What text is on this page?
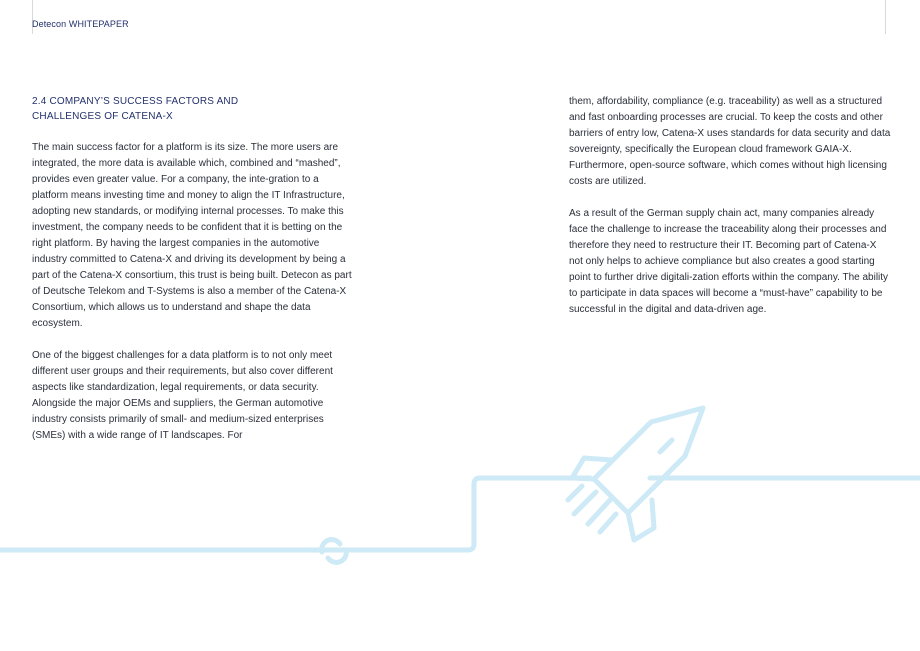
Detecon WHITEPAPER
2.4 COMPANY’S SUCCESS FACTORS AND
CHALLENGES OF CATENA-X

The main success factor for a platform is its size. The more users are integrated, the more data is available which, combined and “mashed”, provides even greater value. For a company, the inte-gration to a platform means investing time and money to align the IT Infrastructure, adopting new standards, or modifying internal processes. To make this investment, the company needs to be confident that it is betting on the right platform. By having the largest companies in the automotive industry committed to Catena-X and driving its development by being a part of the Catena-X consortium, this trust is being built. Detecon as part of Deutsche Telekom and T-Systems is also a member of the Catena-X Consortium, which allows us to understand and shape the data ecosystem.

One of the biggest challenges for a data platform is to not only meet different user groups and their requirements, but also cover different aspects like standardization, legal requirements, or data security. Alongside the major OEMs and suppliers, the German automotive industry consists primarily of small- and medium-sized enterprises (SMEs) with a wide range of IT landscapes. For

them, affordability, compliance (e.g. traceability) as well as a structured and fast onboarding processes are crucial. To keep the costs and other barriers of entry low, Catena-X uses standards for data security and data sovereignty, specifically the European cloud framework GAIA-X. Furthermore, open-source software, which comes without high licensing costs are utilized.

As a result of the German supply chain act, many companies already face the challenge to increase the traceability along their processes and therefore they need to restructure their IT. Becoming part of Catena-X not only helps to achieve compliance but also creates a good starting point to further drive digitali-zation efforts within the company. The ability to participate in data spaces will become a “must-have” capability to be successful in the digital and data-driven age.
